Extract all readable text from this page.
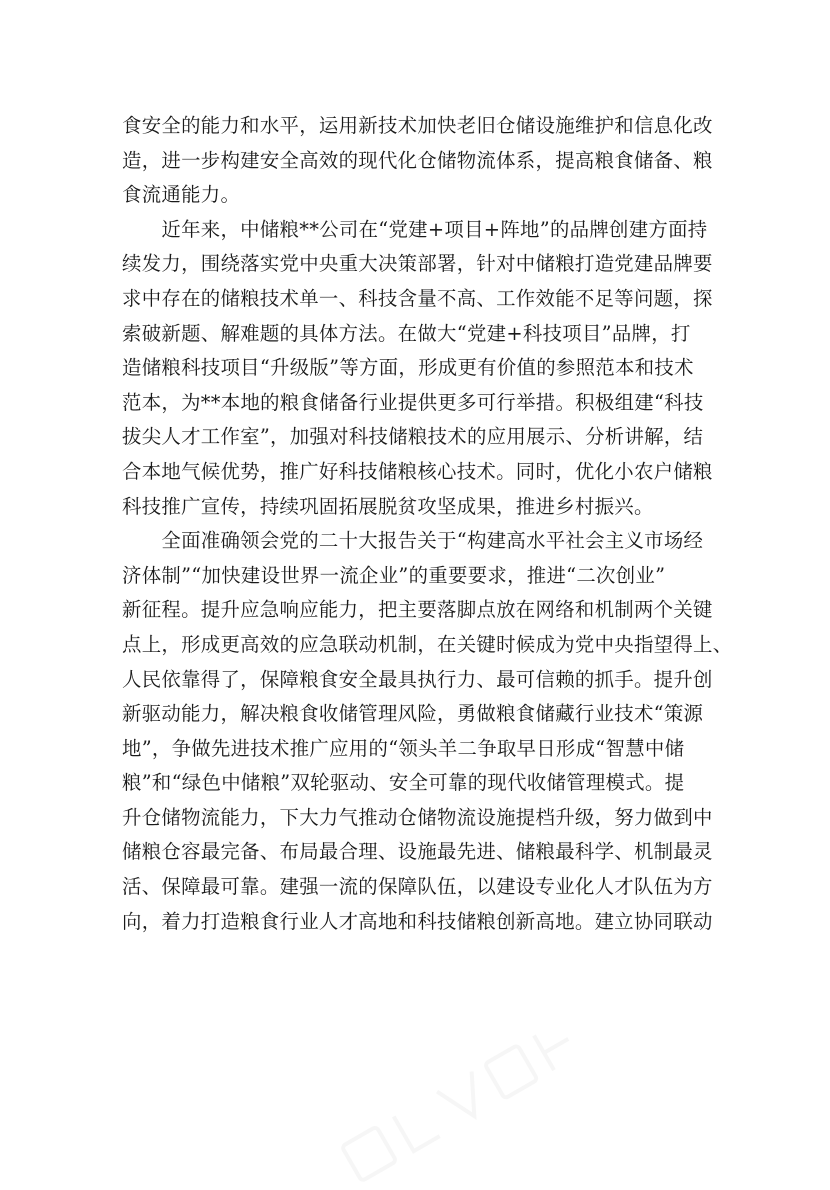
食安全的能力和水平，运用新技术加快老旧仓储设施维护和信息化改
造，进一步构建安全高效的现代化仓储物流体系，提高粮食储备、粮
食流通能力。
　　近年来，中储粮**公司在“党建+项目+阵地”的品牌创建方面持
续发力，围绕落实党中央重大决策部署，针对中储粮打造党建品牌要
求中存在的储粮技术单一、科技含量不高、工作效能不足等问题，探
索破新题、解难题的具体方法。在做大“党建+科技项目”品牌，打
造储粮科技项目“升级版”等方面，形成更有价值的参照范本和技术
范本，为**本地的粮食储备行业提供更多可行举措。积极组建“科技
拔尖人才工作室”，加强对科技储粮技术的应用展示、分析讲解，结
合本地气候优势，推广好科技储粮核心技术。同时，优化小农户储粮
科技推广宣传，持续巩固拓展脱贫攻坚成果，推进乡村振兴。
　　全面准确领会党的二十大报告关于“构建高水平社会主义市场经
济体制”“加快建设世界一流企业”的重要要求，推进“二次创业”
新征程。提升应急响应能力，把主要落脚点放在网络和机制两个关键
点上，形成更高效的应急联动机制，在关键时候成为党中央指望得上、
人民依靠得了，保障粮食安全最具执行力、最可信赖的抓手。提升创
新驱动能力，解决粮食收储管理风险，勇做粮食储藏行业技术“策源
地”，争做先进技术推广应用的“领头羊二争取早日形成“智慧中储
粮”和“绿色中储粮”双轮驱动、安全可靠的现代收储管理模式。提
升仓储物流能力，下大力气推动仓储物流设施提档升级，努力做到中
储粮仓容最完备、布局最合理、设施最先进、储粮最科学、机制最灵
活、保障最可靠。建强一流的保障队伍，以建设专业化人才队伍为方
向，着力打造粮食行业人才高地和科技储粮创新高地。建立协同联动
